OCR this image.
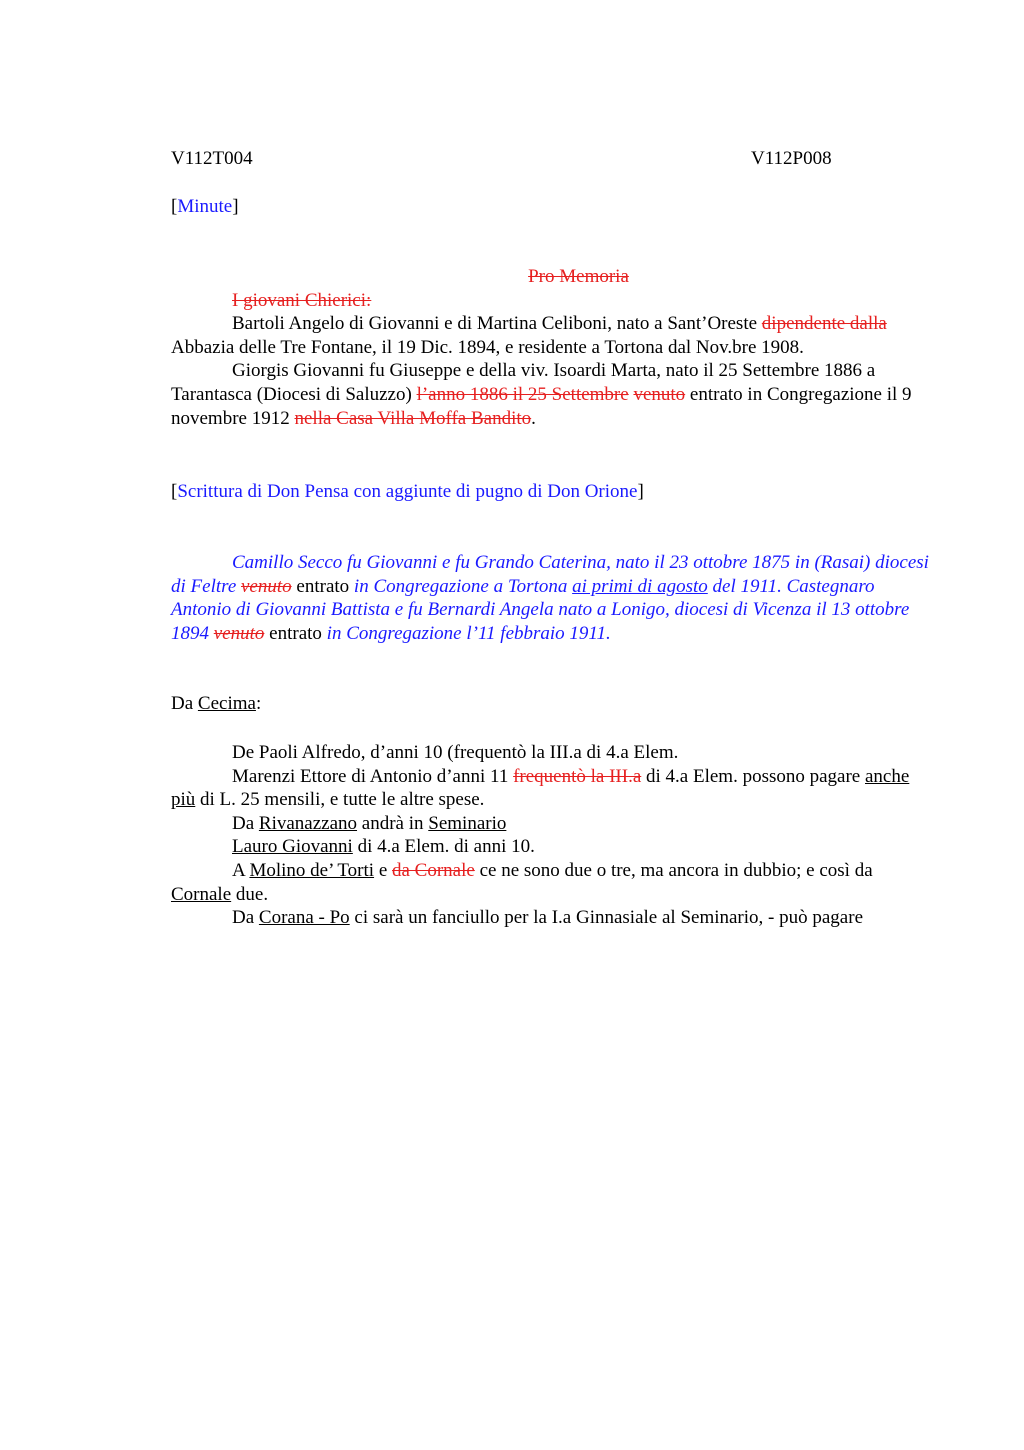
V112T004	V112P008
[Minute]

Pro Memoria

I giovani Chierici:

Bartoli Angelo di Giovanni e di Martina Celiboni, nato a Sant’Oreste dipendente dalla Abbazia delle Tre Fontane, il 19 Dic. 1894, e residente a Tortona dal Nov.bre 1908.

Giorgis Giovanni fu Giuseppe e della viv. Isoardi Marta, nato il 25 Settembre 1886 a Tarantasca (Diocesi di Saluzzo) l’anno 1886 il 25 Settembre venuto entrato in Congregazione il 9 novembre 1912 nella Casa Villa Moffa Bandito.

[Scrittura di Don Pensa con aggiunte di pugno di Don Orione]

Camillo Secco fu Giovanni e fu Grando Caterina, nato il 23 ottobre 1875 in (Rasai) diocesi di Feltre venuto entrato in Congregazione a Tortona ai primi di agosto del 1911. Castegnaro Antonio di Giovanni Battista e fu Bernardi Angela nato a Lonigo, diocesi di Vicenza il 13 ottobre 1894 venuto entrato in Congregazione l’11 febbraio 1911.

Da Cecima:

De Paoli Alfredo, d’anni 10 (frequentò la III.a di 4.a Elem.

Marenzi Ettore di Antonio d’anni 11 frequentò la III.a di 4.a Elem. possono pagare anche più di L. 25 mensili, e tutte le altre spese.

Da Rivanazzano andrà in Seminario

Lauro Giovanni di 4.a Elem. di anni 10.

A Molino de’ Torti e da Cornale ce ne sono due o tre, ma ancora in dubbio; e così da Cornale due.

Da Corana - Po ci sarà un fanciullo per la I.a Ginnasiale al Seminario, - può pagare
